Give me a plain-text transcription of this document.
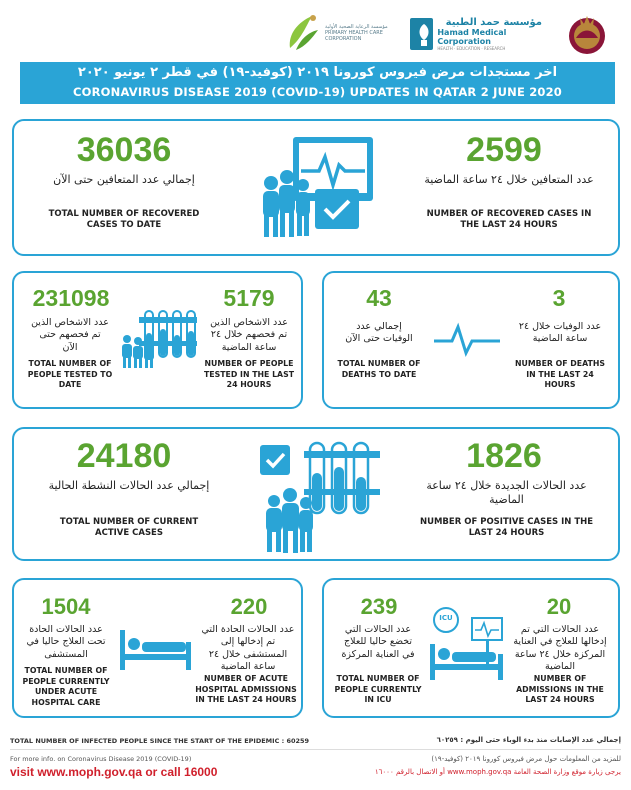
مؤسسة الرعاية الصحية الأولية PRIMARY HEALTH CARE CORPORATION
مؤسسة حمد الطبية
Hamad Medical Corporation
HEALTH · EDUCATION · RESEARCH
اخر مستجدات مرض فيروس كورونا ٢٠١٩ (كوفيد-١٩) في قطر ٢ يونيو ٢٠٢٠
CORONAVIRUS DISEASE 2019 (COVID-19) UPDATES IN QATAR 2 JUNE 2020
36036
إجمالي عدد المتعافين حتى الآن
TOTAL NUMBER OF RECOVERED
CASES TO DATE
2599
عدد المتعافين خلال ٢٤ ساعة الماضية
NUMBER OF RECOVERED CASES IN
THE LAST 24 HOURS
231098
عدد الاشخاص الذين
تم فحصهم حتى
الآن
TOTAL NUMBER OF
PEOPLE TESTED TO
DATE
5179
عدد الاشخاص الذين
تم فحصهم خلال ٢٤
ساعة الماضية
NUMBER OF PEOPLE
TESTED IN THE LAST
24 HOURS
43
إجمالي عدد
الوفيات حتى الآن
TOTAL NUMBER OF
DEATHS TO DATE
3
عدد الوفيات خلال ٢٤
ساعة الماضية
NUMBER OF DEATHS
IN THE LAST 24
HOURS
24180
إجمالي عدد الحالات النشطة الحالية
TOTAL NUMBER OF CURRENT
ACTIVE CASES
1826
عدد الحالات الجديدة خلال ٢٤ ساعة
الماضية
NUMBER OF POSITIVE CASES IN THE
LAST 24 HOURS
1504
عدد الحالات الحادة
تحت العلاج حاليا في
المستشفى
TOTAL NUMBER OF
PEOPLE CURRENTLY
UNDER ACUTE
HOSPITAL CARE
220
عدد الحالات الحادة التي
تم إدخالها إلى
المستشفى خلال ٢٤
ساعة الماضية
NUMBER OF ACUTE
HOSPITAL ADMISSIONS
IN THE LAST 24 HOURS
239
عدد الحالات التي
تخضع حاليا للعلاج
في العناية المركزة
TOTAL NUMBER OF
PEOPLE CURRENTLY
IN ICU
ICU	20
عدد الحالات التي تم
إدخالها للعلاج في العناية
المركزة خلال ٢٤ ساعة
الماضية
NUMBER OF
ADMISSIONS IN THE
LAST 24 HOURS
TOTAL NUMBER OF INFECTED PEOPLE SINCE THE START OF THE EPIDEMIC : 60259	إجمالي عدد الإصابات منذ بدء الوباء حتى اليوم : ٦٠٢٥٩
For more info. on Coronavirus Disease 2019 (COVID-19)
visit www.moph.gov.qa or call 16000
للمزيد من المعلومات حول مرض فيروس كورونا ٢٠١٩ (كوفيد-١٩)
يرجى زيارة موقع وزارة الصحة العامة www.moph.gov.qa أو الاتصال بالرقم ١٦٠٠٠
